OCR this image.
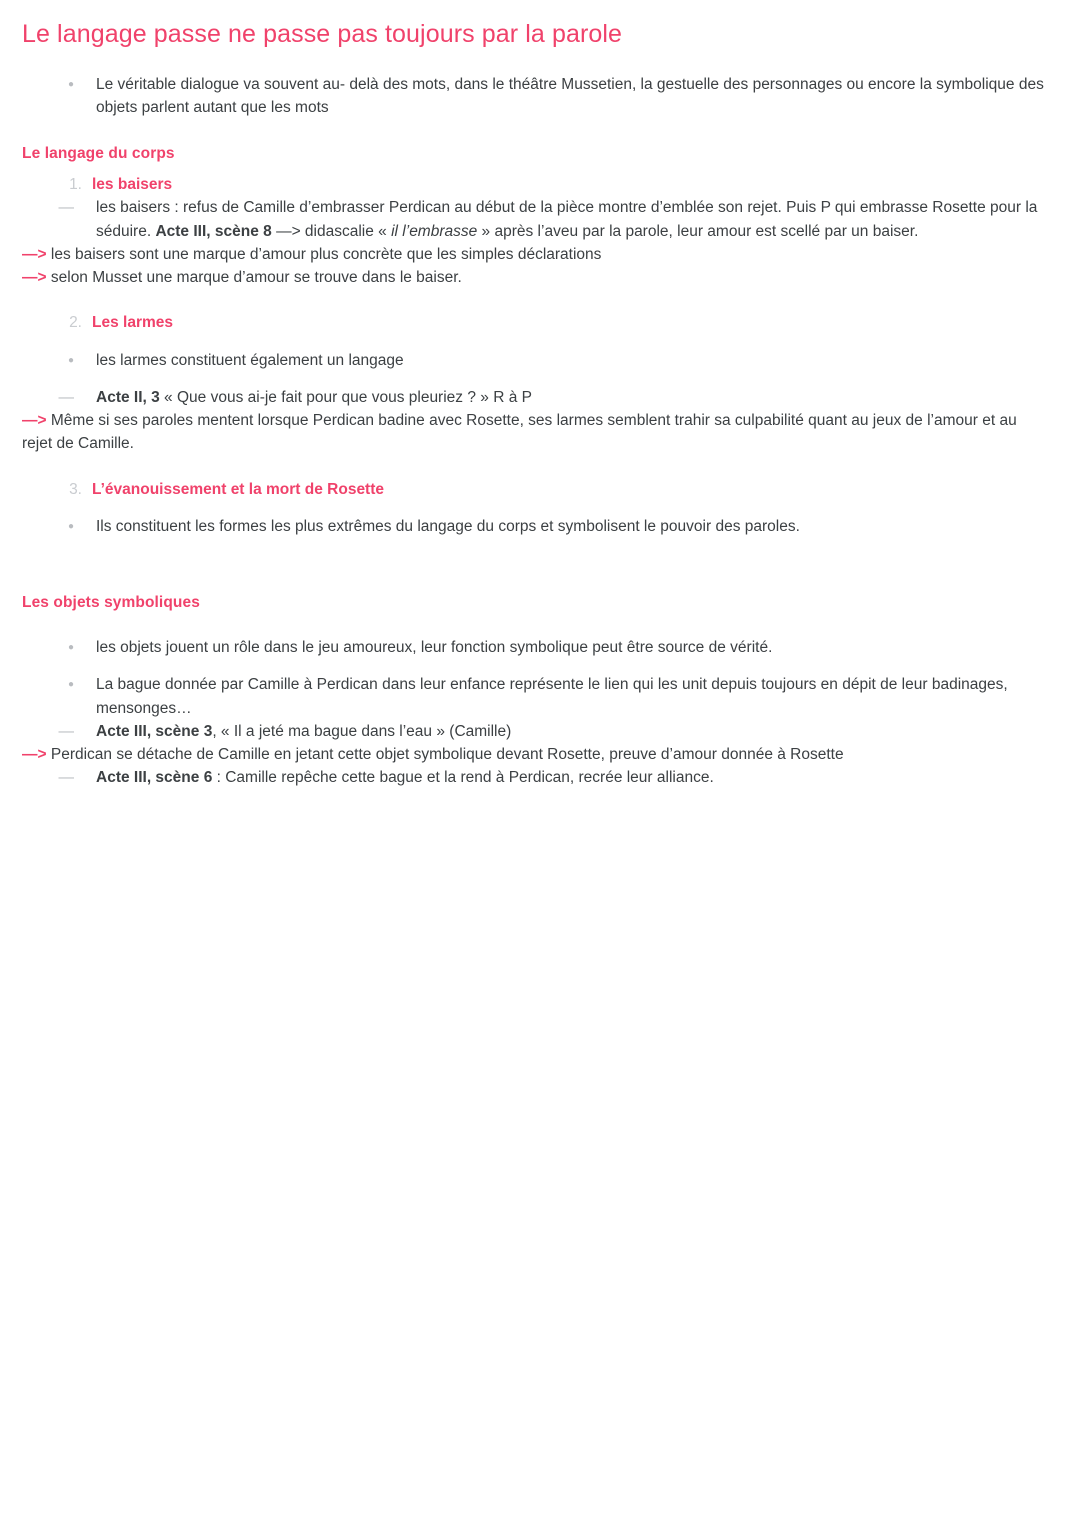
Le langage passe ne passe pas toujours par la parole
●
Le véritable dialogue va souvent au- delà des mots, dans le théâtre Mussetien, la gestuelle des personnages ou encore la symbolique des objets parlent autant que les mots
Le langage du corps
1. les baisers
—	les baisers : refus de Camille d’embrasser Perdican au début de la pièce montre d’emblée son rejet. Puis P qui embrasse Rosette pour la séduire. Acte III, scène 8 —> didascalie « il l’embrasse » après l’aveu par la parole, leur amour est scellé par un baiser.
—> les baisers sont une marque d’amour plus concrète que les simples déclarations
—> selon Musset une marque d’amour se trouve dans le baiser.
2. Les larmes
●
les larmes constituent également un langage
—	Acte II, 3 « Que vous ai-je fait pour que vous pleuriez ? » R à P
—> Même si ses paroles mentent lorsque Perdican badine avec Rosette, ses larmes semblent trahir sa culpabilité quant au jeux de l’amour et au rejet de Camille.
3. L’évanouissement et la mort de Rosette
●
Ils constituent les formes les plus extrêmes du langage du corps et symbolisent le pouvoir des paroles.
Les objets symboliques
●
les objets jouent un rôle dans le jeu amoureux, leur fonction symbolique peut être source de vérité.
●
La bague donnée par Camille à Perdican dans leur enfance représente le lien qui les unit depuis toujours en dépit de leur badinages, mensonges…
—	Acte III, scène 3, « Il a jeté ma bague dans l’eau » (Camille)
—> Perdican se détache de Camille en jetant cette objet symbolique devant Rosette, preuve d’amour donnée à Rosette
—	Acte III, scène 6 : Camille repêche cette bague et la rend à Perdican, recrée leur alliance.
